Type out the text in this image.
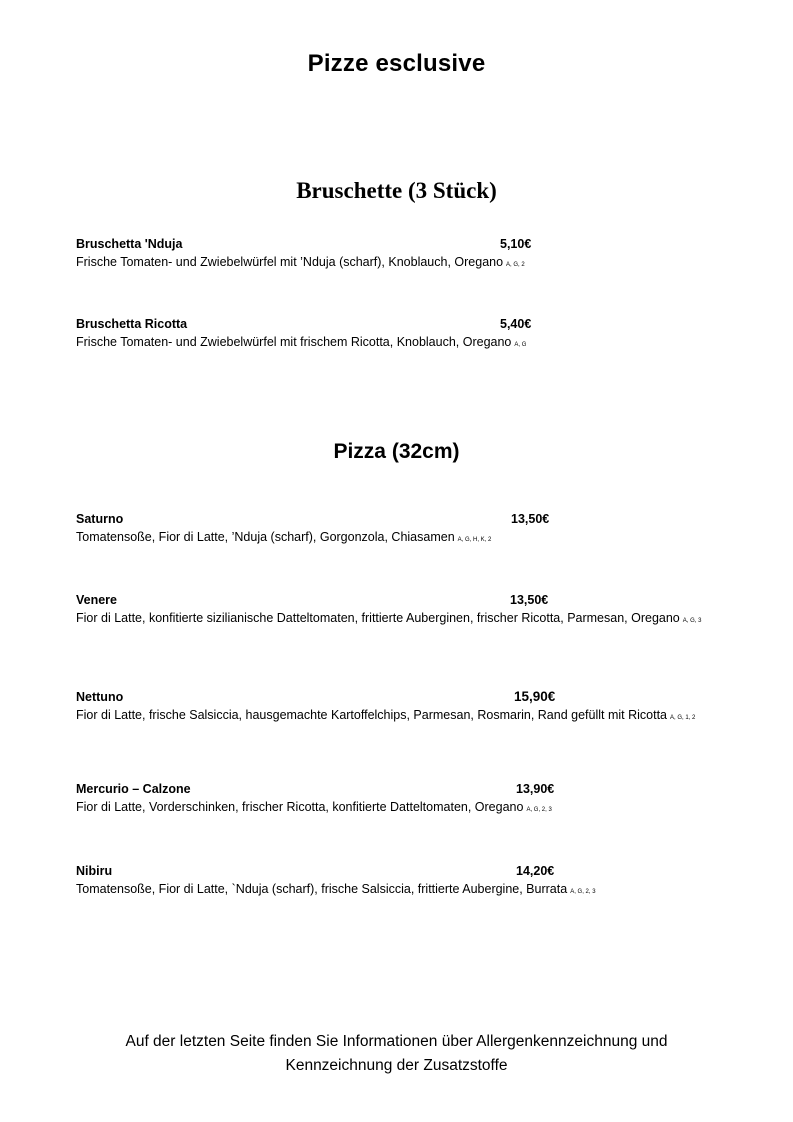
Pizze esclusive
Bruschette (3 Stück)
Bruschetta 'Nduja	5,10€
Frische Tomaten- und Zwiebelwürfel mit ’Nduja (scharf), Knoblauch, Oregano A, G, 2
Bruschetta Ricotta	5,40€
Frische Tomaten- und Zwiebelwürfel mit frischem Ricotta, Knoblauch, Oregano A, G
Pizza (32cm)
Saturno	13,50€
Tomatensoße, Fior di Latte, ’Nduja (scharf), Gorgonzola, Chiasamen A, G, H, K, 2
Venere	13,50€
Fior di Latte, konfitierte sizilianische Datteltomaten, frittierte Auberginen, frischer Ricotta, Parmesan, Oregano A, G, 3
Nettuno	15,90€
Fior di Latte, frische Salsiccia, hausgemachte Kartoffelchips, Parmesan, Rosmarin, Rand gefüllt mit Ricotta A, G, 1, 2
Mercurio – Calzone	13,90€
Fior di Latte, Vorderschinken, frischer Ricotta, konfitierte Datteltomaten, Oregano A, G, 2, 3
Nibiru	14,20€
Tomatensoße, Fior di Latte, `Nduja (scharf), frische Salsiccia, frittierte Aubergine, Burrata A, G, 2, 3
Auf der letzten Seite finden Sie Informationen über Allergenkennzeichnung und
Kennzeichnung der Zusatzstoffe
